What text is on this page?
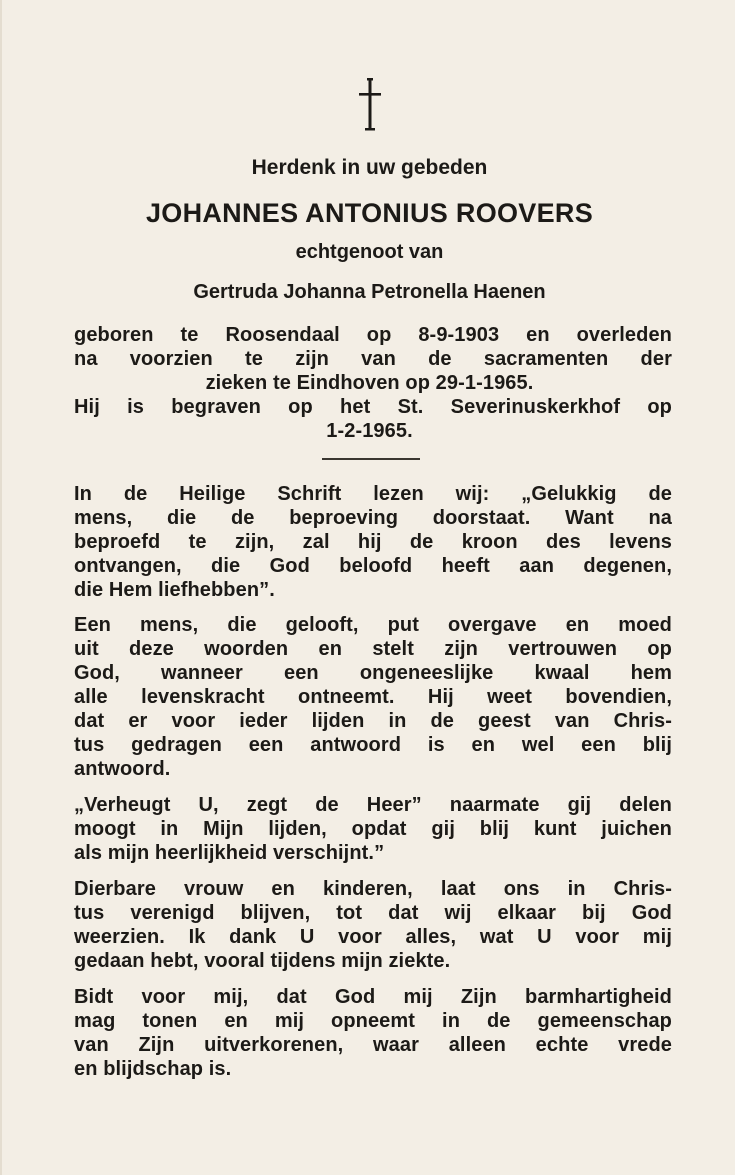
Herdenk in uw gebeden
JOHANNES ANTONIUS ROOVERS
echtgenoot van
Gertruda Johanna Petronella Haenen
geboren te Roosendaal op 8-9-1903 en overleden
na voorzien te zijn van de sacramenten der
zieken te Eindhoven op 29-1-1965.
Hij is begraven op het St. Severinuskerkhof op
1-2-1965.
In de Heilige Schrift lezen wij: „Gelukkig de
mens, die de beproeving doorstaat. Want na
beproefd te zijn, zal hij de kroon des levens
ontvangen, die God beloofd heeft aan degenen,
die Hem liefhebben”.
Een mens, die gelooft, put overgave en moed
uit deze woorden en stelt zijn vertrouwen op
God, wanneer een ongeneeslijke kwaal hem
alle levenskracht ontneemt. Hij weet bovendien,
dat er voor ieder lijden in de geest van Chris-
tus gedragen een antwoord is en wel een blij
antwoord.
„Verheugt U, zegt de Heer” naarmate gij delen
moogt in Mijn lijden, opdat gij blij kunt juichen
als mijn heerlijkheid verschijnt.”
Dierbare vrouw en kinderen, laat ons in Chris-
tus verenigd blijven, tot dat wij elkaar bij God
weerzien. Ik dank U voor alles, wat U voor mij
gedaan hebt, vooral tijdens mijn ziekte.
Bidt voor mij, dat God mij Zijn barmhartigheid
mag tonen en mij opneemt in de gemeenschap
van Zijn uitverkorenen, waar alleen echte vrede
en blijdschap is.
